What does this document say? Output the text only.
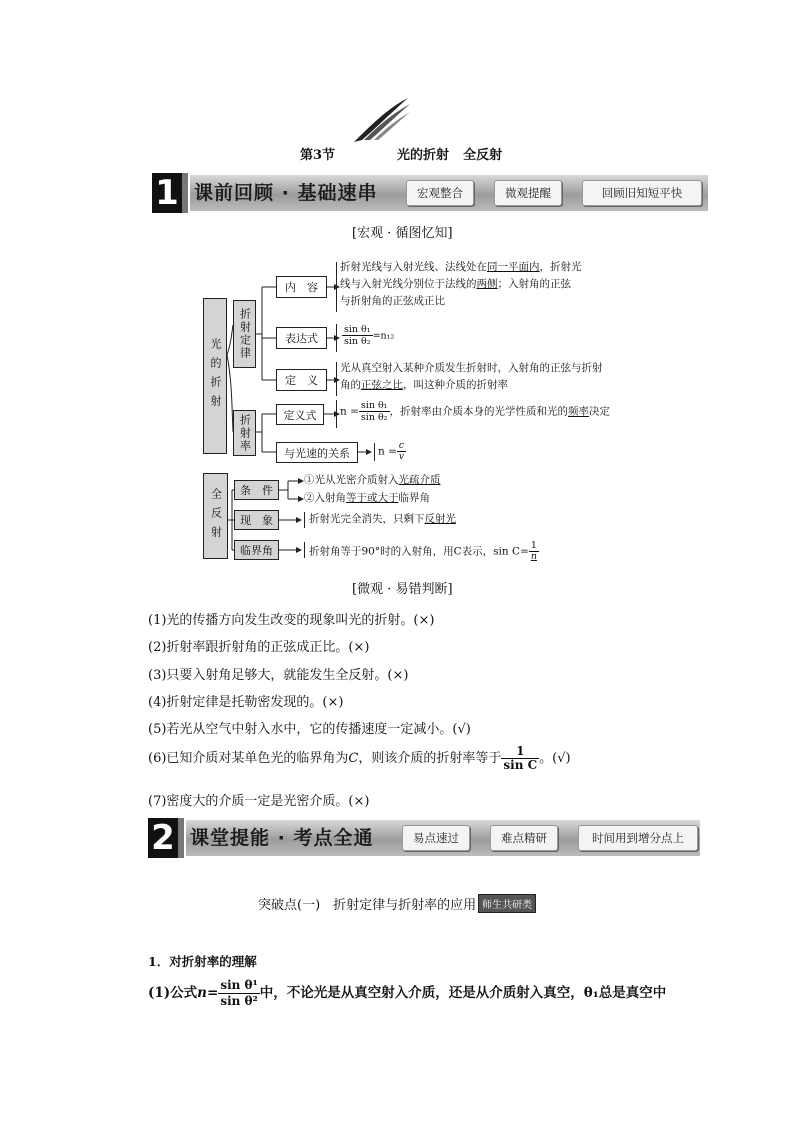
第3节	光的折射 全反射
1 课前回顾 · 基础速串	宏观整合	微观提醒	回顾旧知短平快
[宏观 · 循图忆知]
光的折射
折射定律
折射率
内　容
表达式
定　义
定义式
与光速的关系
折射光线与入射光线、法线处在同一平面内，折射光
线与入射光线分别位于法线的两侧；入射角的正弦
与折射角的正弦成正比
$\frac{\text{sin θ₁}}{\text{sin θ₂}} =n_{12}$
光从真空射入某种介质发生折射时，入射角的正弦与折射
角的正弦之比，叫这种介质的折射率
$n = \frac{\text{sin θ₁}}{\text{sin θ₂}}$ ，折射率由介质本身的光学性质和光的频率决定
$n = \frac{c}{v}$
全反射	条　件
现　象
临界角
①光从光密介质射入光疏介质
②入射角等于或大于临界角
折射光完全消失，只剩下反射光
折射角等于90°时的入射角，用C表示，$\sin C= \frac{1}{n}$
[微观 · 易错判断]
(1)光的传播方向发生改变的现象叫光的折射。(×)
(2)折射率跟折射角的正弦成正比。(×)
(3)只要入射角足够大，就能发生全反射。(×)
(4)折射定律是托勒密发现的。(×)
(5)若光从空气中射入水中，它的传播速度一定减小。(√)
(6)已知介质对某单色光的临界角为C，则该介质的折射率等于 $\frac{1}{\text{sin C}}$ 。(√)
(7)密度大的介质一定是光密介质。(×)
2 课堂提能 · 考点全通	易点速过	难点精研	时间用到增分点上
突破点(一)　折射定律与折射率的应用 师生共研类
1．对折射率的理解
(1)公式$n= \frac{\text{sin θ¹}}{\text{sin θ²}}$ 中，不论光是从真空射入介质，还是从介质射入真空，θ₁总是真空中
